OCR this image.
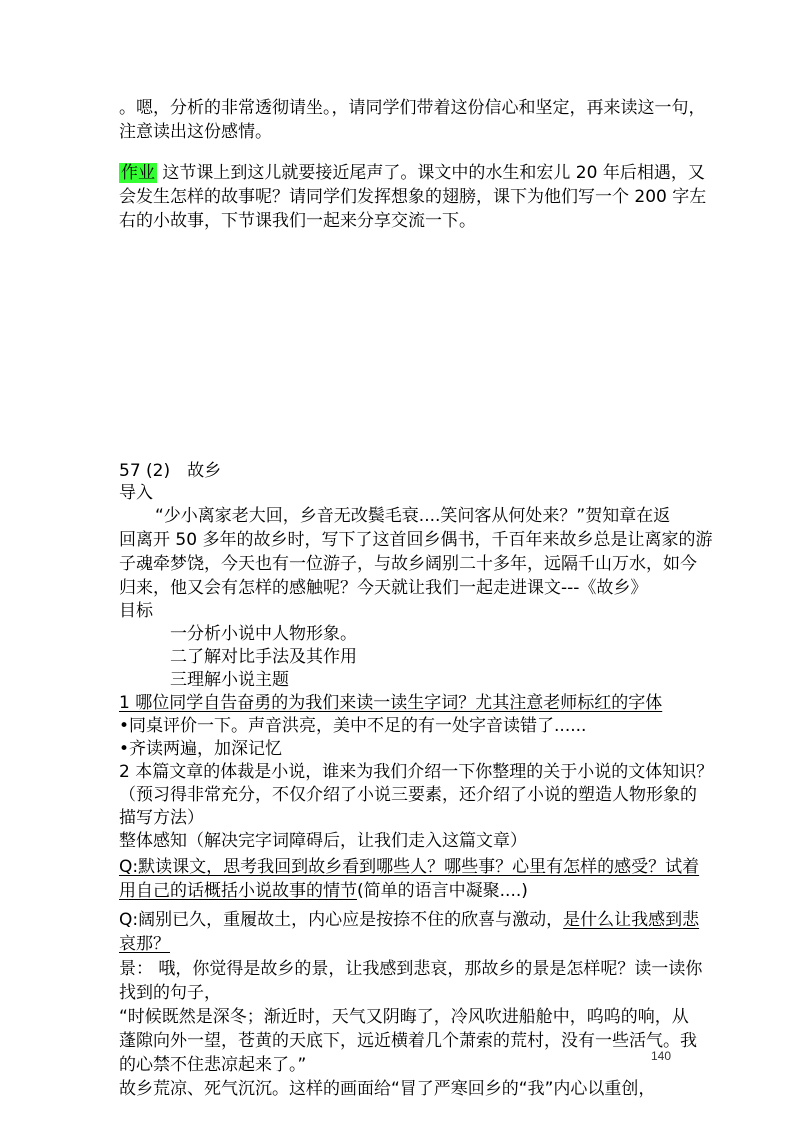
。嗯，分析的非常透彻请坐。，请同学们带着这份信心和坚定，再来读这一句，
注意读出这份感情。
作业 这节课上到这儿就要接近尾声了。课文中的水生和宏儿 20 年后相遇，又
会发生怎样的故事呢？请同学们发挥想象的翅膀，课下为他们写一个 200 字左
右的小故事，下节课我们一起来分享交流一下。
57 (2)　故乡
导入
“少小离家老大回，乡音无改鬓毛衰....笑问客从何处来？”贺知章在返
回离开 50 多年的故乡时，写下了这首回乡偶书，千百年来故乡总是让离家的游
子魂牵梦饶，今天也有一位游子，与故乡阔别二十多年，远隔千山万水，如今
归来，他又会有怎样的感触呢？今天就让我们一起走进课文---《故乡》
目标
一分析小说中人物形象。
二了解对比手法及其作用
三理解小说主题
1 哪位同学自告奋勇的为我们来读一读生字词？尤其注意老师标红的字体
•同桌评价一下。声音洪亮，美中不足的有一处字音读错了......
•齐读两遍，加深记忆
2 本篇文章的体裁是小说，谁来为我们介绍一下你整理的关于小说的文体知识？
（预习得非常充分，不仅介绍了小说三要素，还介绍了小说的塑造人物形象的
描写方法）
整体感知（解决完字词障碍后，让我们走入这篇文章）
Q:默读课文，思考我回到故乡看到哪些人？哪些事？心里有怎样的感受？试着
用自己的话概括小说故事的情节(简单的语言中凝聚....)
Q:阔别已久，重履故土，内心应是按捺不住的欣喜与激动，是什么让我感到悲
哀那？
景： 哦，你觉得是故乡的景，让我感到悲哀，那故乡的景是怎样呢？读一读你
找到的句子，
“时候既然是深冬；渐近时，天气又阴晦了，冷风吹进船舱中，呜呜的响，从
蓬隙向外一望，苍黄的天底下，远近横着几个萧索的荒村，没有一些活气。我
的心禁不住悲凉起来了。”
故乡荒凉、死气沉沉。这样的画面给“冒了严寒回乡的“我”内心以重创，
140
